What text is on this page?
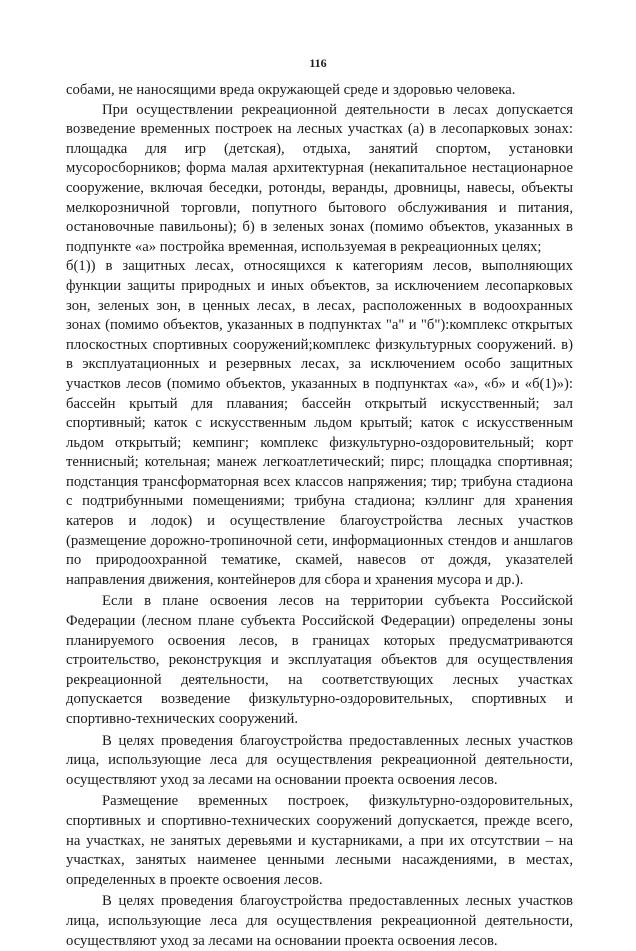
116

собами, не наносящими вреда окружающей среде и здоровью человека.

При осуществлении рекреационной деятельности в лесах допускается возведение временных построек на лесных участках (а) в лесопарковых зонах: площадка для игр (детская), отдыха, занятий спортом, установки мусоросборников; форма малая архитектурная (некапитальное нестационарное сооружение, включая беседки, ротонды, веранды, дровницы, навесы, объекты мелкорозничной торговли, попутного бытового обслуживания и питания, остановочные павильоны); б) в зеленых зонах (помимо объектов, указанных в подпункте «а» постройка временная, используемая в рекреационных целях;

б(1)) в защитных лесах, относящихся к категориям лесов, выполняющих функции защиты природных и иных объектов, за исключением лесопарковых зон, зеленых зон, в ценных лесах, в лесах, расположенных в водоохранных зонах (помимо объектов, указанных в подпунктах "а" и "б"):комплекс открытых плоскостных спортивных сооружений;комплекс физкультурных сооружений. в) в эксплуатационных и резервных лесах, за исключением особо защитных участков лесов (помимо объектов, указанных в подпунктах «а», «б» и «б(1)»): бассейн крытый для плавания; бассейн открытый искусственный; зал спортивный; каток с искусственным льдом крытый; каток с искусственным льдом открытый; кемпинг; комплекс физкультурно-оздоровительный; корт теннисный; котельная; манеж легкоатлетический; пирс; площадка спортивная; подстанция трансформаторная всех классов напряжения; тир; трибуна стадиона с подтрибунными помещениями; трибуна стадиона; кэллинг для хранения катеров и лодок) и осуществление благоустройства лесных участков (размещение дорожно-тропиночной сети, информационных стендов и аншлагов по природоохранной тематике, скамей, навесов от дождя, указателей направления движения, контейнеров для сбора и хранения мусора и др.).

Если в плане освоения лесов на территории субъекта Российской Федерации (лесном плане субъекта Российской Федерации) определены зоны планируемого освоения лесов, в границах которых предусматриваются строительство, реконструкция и эксплуатация объектов для осуществления рекреационной деятельности, на соответствующих лесных участках допускается возведение физкультурно-оздоровительных, спортивных и спортивно-технических сооружений.

В целях проведения благоустройства предоставленных лесных участков лица, использующие леса для осуществления рекреационной деятельности, осуществляют уход за лесами на основании проекта освоения лесов.

Размещение временных построек, физкультурно-оздоровительных, спортивных и спортивно-технических сооружений допускается, прежде всего, на участках, не занятых деревьями и кустарниками, а при их отсутствии – на участках, занятых наименее ценными лесными насаждениями, в местах, определенных в проекте освоения лесов.

В целях проведения благоустройства предоставленных лесных участков лица, использующие леса для осуществления рекреационной деятельности, осуществляют уход за лесами на основании проекта освоения лесов.
